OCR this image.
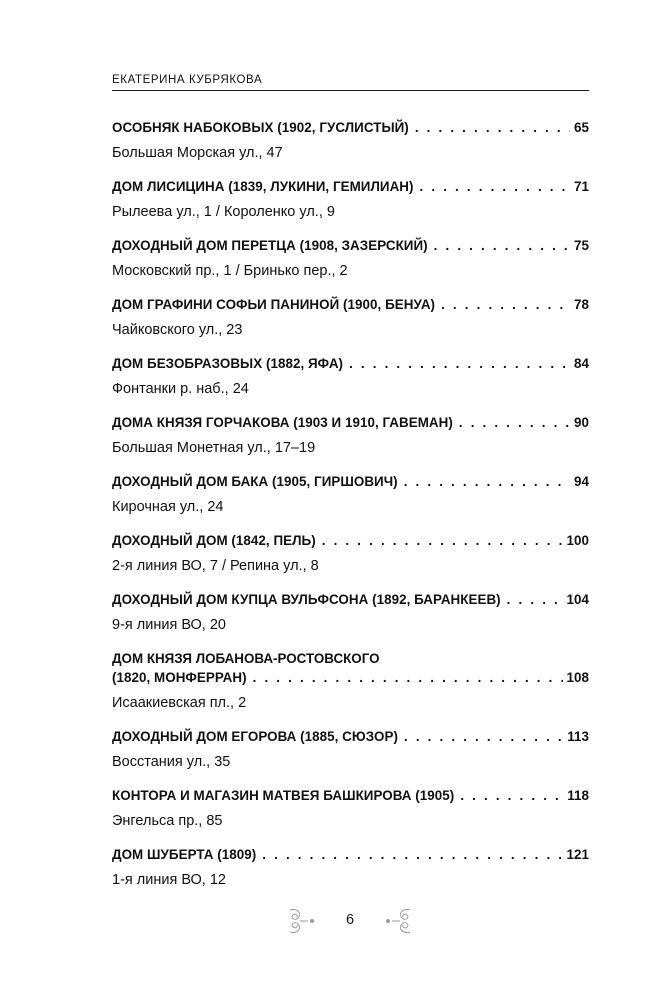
ЕКАТЕРИНА КУБРЯКОВА
ОСОБНЯК НАБОКОВЫХ (1902, ГУСЛИСТЫЙ) . . .	65
Большая Морская ул., 47
ДОМ ЛИСИЦИНА (1839, ЛУКИНИ, ГЕМИЛИАН) . . .	71
Рылеева ул., 1 / Короленко ул., 9
ДОХОДНЫЙ ДОМ ПЕРЕТЦА (1908, ЗАЗЕРСКИЙ) . . .	75
Московский пр., 1 / Бринько пер., 2
ДОМ ГРАФИНИ СОФЬИ ПАНИНОЙ (1900, БЕНУА) . . .	78
Чайковского ул., 23
ДОМ БЕЗОБРАЗОВЫХ (1882, ЯФА) . . .	84
Фонтанки р. наб., 24
ДОМА КНЯЗЯ ГОРЧАКОВА (1903 И 1910, ГАВЕМАН) . . .	90
Большая Монетная ул., 17–19
ДОХОДНЫЙ ДОМ БАКА (1905, ГИРШОВИЧ) . . .	94
Кирочная ул., 24
ДОХОДНЫЙ ДОМ (1842, ПЕЛЬ) . . .	100
2-я линия ВО, 7 / Репина ул., 8
ДОХОДНЫЙ ДОМ КУПЦА ВУЛЬФСОНА (1892, БАРАНКЕЕВ) . . .	104
9-я линия ВО, 20
ДОМ КНЯЗЯ ЛОБАНОВА-РОСТОВСКОГО
(1820, МОНФЕРРАН) . . .	108
Исаакиевская пл., 2
ДОХОДНЫЙ ДОМ ЕГОРОВА (1885, СЮЗОР) . . .	113
Восстания ул., 35
КОНТОРА И МАГАЗИН МАТВЕЯ БАШКИРОВА (1905) . . .	118
Энгельса пр., 85
ДОМ ШУБЕРТА (1809) . . .	121
1-я линия ВО, 12
6
